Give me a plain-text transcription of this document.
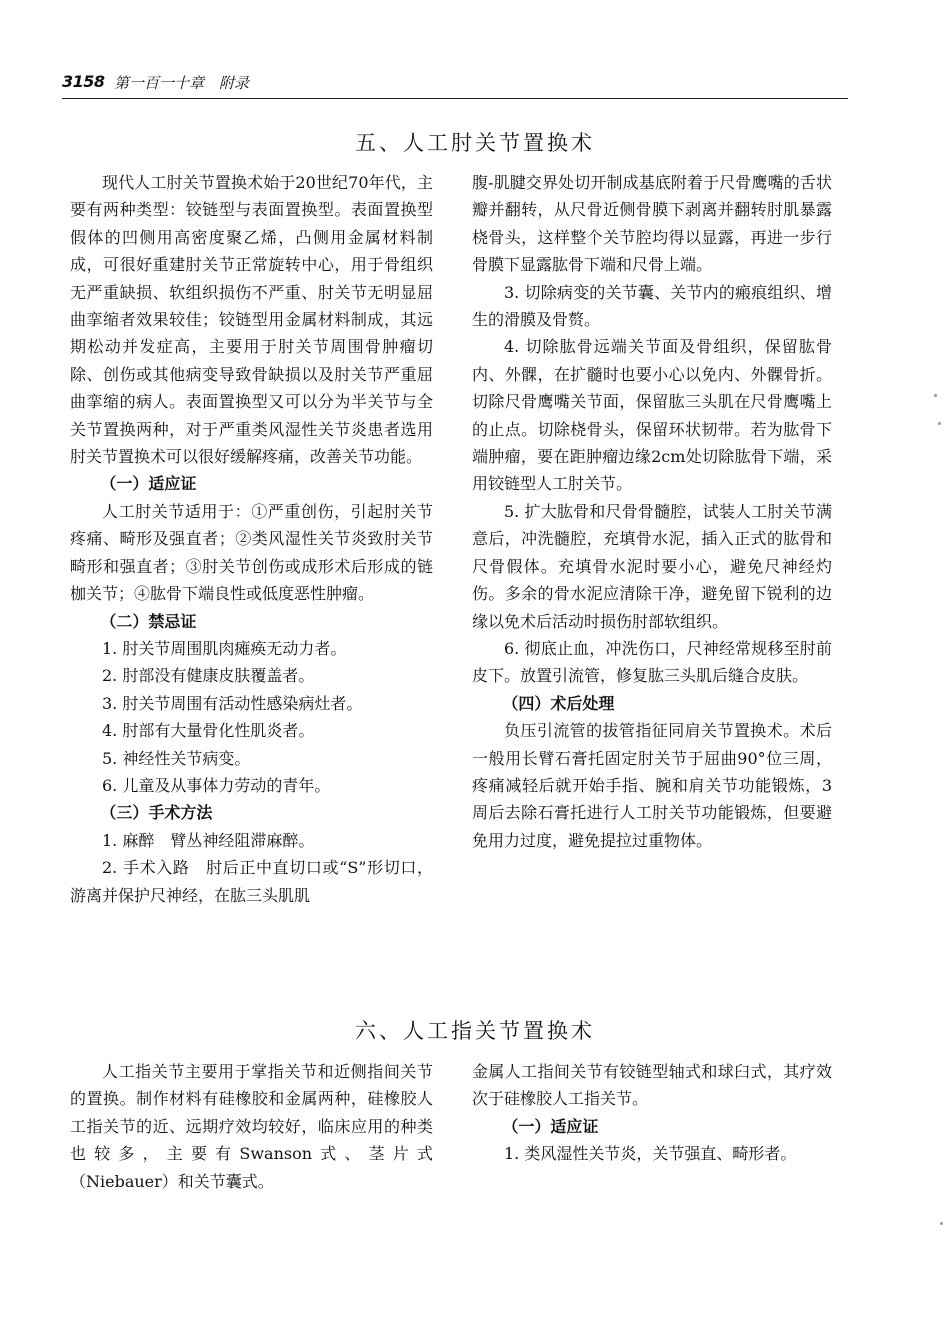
3158 第一百一十章　附录
五、人工肘关节置换术

现代人工肘关节置换术始于20世纪70年代，主要有两种类型：铰链型与表面置换型。表面置换型假体的凹侧用高密度聚乙烯，凸侧用金属材料制成，可很好重建肘关节正常旋转中心，用于骨组织无严重缺损、软组织损伤不严重、肘关节无明显屈曲挛缩者效果较佳；铰链型用金属材料制成，其远期松动并发症高，主要用于肘关节周围骨肿瘤切除、创伤或其他病变导致骨缺损以及肘关节严重屈曲挛缩的病人。表面置换型又可以分为半关节与全关节置换两种，对于严重类风湿性关节炎患者选用肘关节置换术可以很好缓解疼痛，改善关节功能。

（一）适应证

人工肘关节适用于：①严重创伤，引起肘关节疼痛、畸形及强直者；②类风湿性关节炎致肘关节畸形和强直者；③肘关节创伤或成形术后形成的链枷关节；④肱骨下端良性或低度恶性肿瘤。

（二）禁忌证

1. 肘关节周围肌肉瘫痪无动力者。

2. 肘部没有健康皮肤覆盖者。

3. 肘关节周围有活动性感染病灶者。

4. 肘部有大量骨化性肌炎者。

5. 神经性关节病变。

6. 儿童及从事体力劳动的青年。

（三）手术方法

1. 麻醉　臂丛神经阻滞麻醉。

2. 手术入路　肘后正中直切口或“S”形切口，游离并保护尺神经，在肱三头肌肌

腹-肌腱交界处切开制成基底附着于尺骨鹰嘴的舌状瓣并翻转，从尺骨近侧骨膜下剥离并翻转肘肌暴露桡骨头，这样整个关节腔均得以显露，再进一步行骨膜下显露肱骨下端和尺骨上端。

3. 切除病变的关节囊、关节内的瘢痕组织、增生的滑膜及骨赘。

4. 切除肱骨远端关节面及骨组织，保留肱骨内、外髁，在扩髓时也要小心以免内、外髁骨折。切除尺骨鹰嘴关节面，保留肱三头肌在尺骨鹰嘴上的止点。切除桡骨头，保留环状韧带。若为肱骨下端肿瘤，要在距肿瘤边缘2cm处切除肱骨下端，采用铰链型人工肘关节。

5. 扩大肱骨和尺骨骨髓腔，试装人工肘关节满意后，冲洗髓腔，充填骨水泥，插入正式的肱骨和尺骨假体。充填骨水泥时要小心，避免尺神经灼伤。多余的骨水泥应清除干净，避免留下锐利的边缘以免术后活动时损伤肘部软组织。

6. 彻底止血，冲洗伤口，尺神经常规移至肘前皮下。放置引流管，修复肱三头肌后缝合皮肤。

（四）术后处理

负压引流管的拔管指征同肩关节置换术。术后一般用长臂石膏托固定肘关节于屈曲90°位三周，疼痛减轻后就开始手指、腕和肩关节功能锻炼，3周后去除石膏托进行人工肘关节功能锻炼，但要避免用力过度，避免提拉过重物体。

六、人工指关节置换术

人工指关节主要用于掌指关节和近侧指间关节的置换。制作材料有硅橡胶和金属两种，硅橡胶人工指关节的近、远期疗效均较好，临床应用的种类也较多，主要有Swanson式、茎片式（Niebauer）和关节囊式。

金属人工指间关节有铰链型轴式和球臼式，其疗效次于硅橡胶人工指关节。

（一）适应证

1. 类风湿性关节炎，关节强直、畸形者。
